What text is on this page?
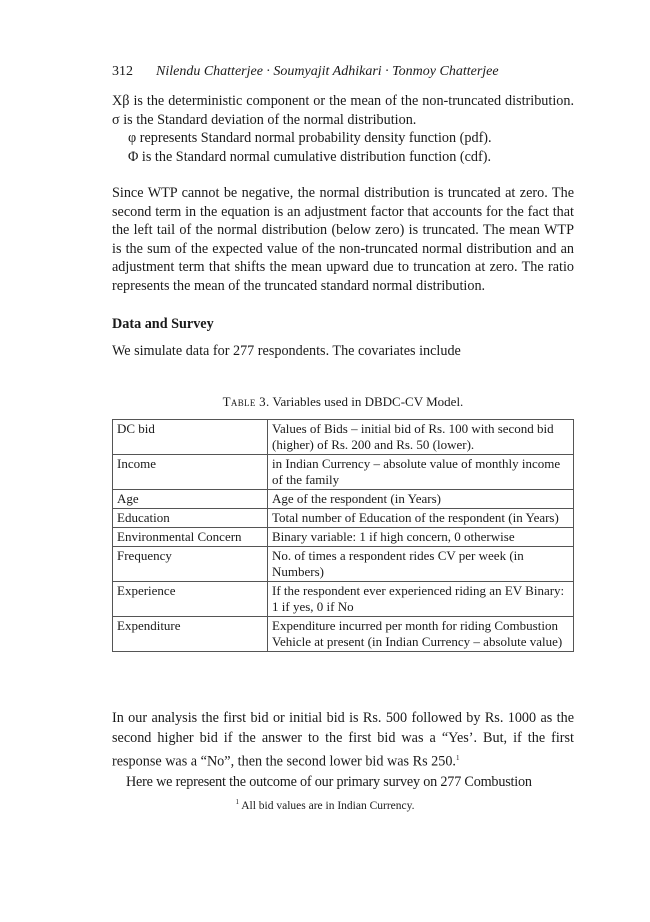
312 Nilendu Chatterjee · Soumyajit Adhikari · Tonmoy Chatterjee

Xβ is the deterministic component or the mean of the non-truncated distribution. σ is the Standard deviation of the normal distribution.

φ represents Standard normal probability density function (pdf).

Φ is the Standard normal cumulative distribution function (cdf).

Since WTP cannot be negative, the normal distribution is truncated at zero. The second term in the equation is an adjustment factor that accounts for the fact that the left tail of the normal distribution (below zero) is truncated. The mean WTP is the sum of the expected value of the non-truncated normal distribution and an adjustment term that shifts the mean upward due to truncation at zero. The ratio represents the mean of the truncated standard normal distribution.

Data and Survey

We simulate data for 277 respondents. The covariates include

Table 3. Variables used in DBDC-CV Model.
DC bid	Values of Bids – initial bid of Rs. 100 with second bid (higher) of Rs. 200 and Rs. 50 (lower).
Income	in Indian Currency – absolute value of monthly income of the family
Age	Age of the respondent (in Years)
Education	Total number of Education of the respondent (in Years)
Environmental Concern	Binary variable: 1 if high concern, 0 otherwise
Frequency	No. of times a respondent rides CV per week (in Numbers)
Experience	If the respondent ever experienced riding an EV Binary: 1 if yes, 0 if No
Expenditure	Expenditure incurred per month for riding Combustion Vehicle at present (in Indian Currency – absolute value)

In our analysis the first bid or initial bid is Rs. 500 followed by Rs. 1000 as the second higher bid if the answer to the first bid was a “Yes’. But, if the first response was a “No”, then the second lower bid was Rs 250.$^1$

Here we represent the outcome of our primary survey on 277 Combustion

$^1$ All bid values are in Indian Currency.
